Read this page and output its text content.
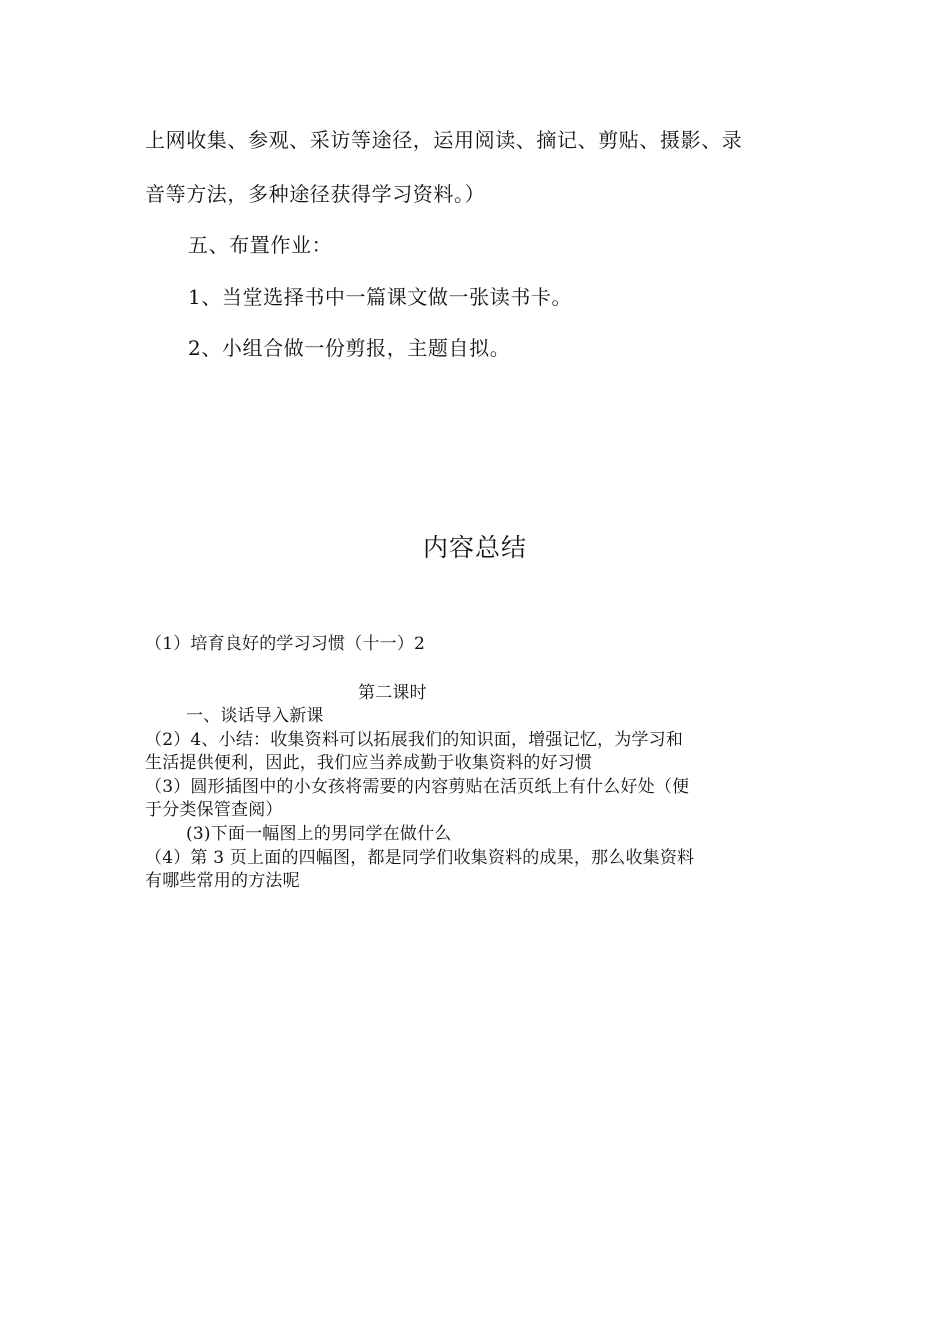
上网收集、参观、采访等途径，运用阅读、摘记、剪贴、摄影、录
音等方法，多种途径获得学习资料。）
五、布置作业：
1、当堂选择书中一篇课文做一张读书卡。
2、小组合做一份剪报，主题自拟。
内容总结
（1）培育良好的学习习惯（十一）2
第二课时
一、谈话导入新课
（2）4、小结：收集资料可以拓展我们的知识面，增强记忆，为学习和
生活提供便利，因此，我们应当养成勤于收集资料的好习惯
（3）圆形插图中的小女孩将需要的内容剪贴在活页纸上有什么好处（便
于分类保管查阅）
(3)下面一幅图上的男同学在做什么
（4）第 3 页上面的四幅图，都是同学们收集资料的成果，那么收集资料
有哪些常用的方法呢
